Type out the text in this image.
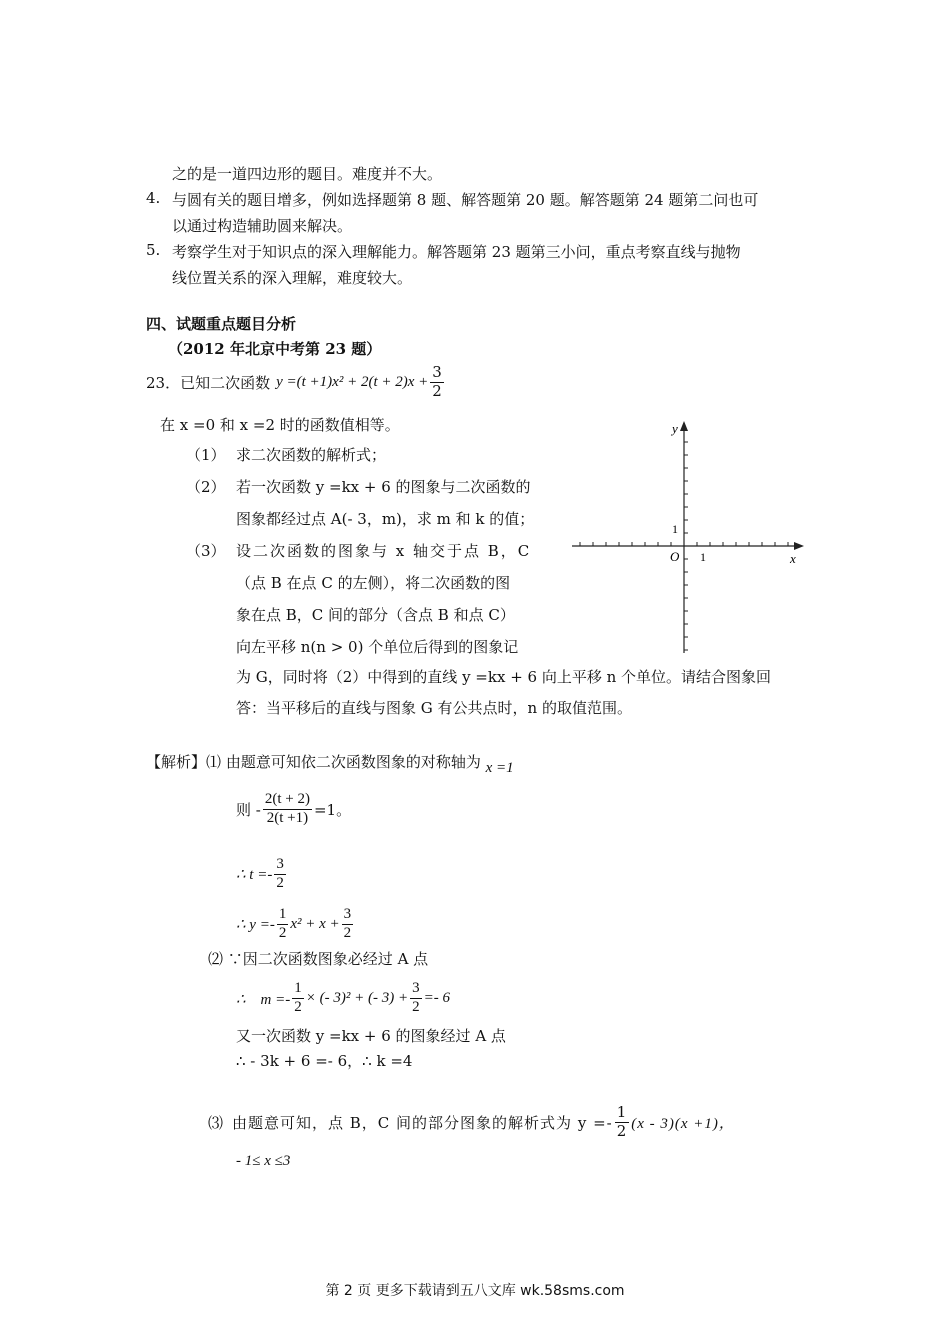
之的是一道四边形的题目。难度并不大。
4. 与圆有关的题目增多，例如选择题第 8 题、解答题第 20 题。解答题第 24 题第二问也可
以通过构造辅助圆来解决。
5. 考察学生对于知识点的深入理解能力。解答题第 23 题第三小问，重点考察直线与抛物
线位置关系的深入理解，难度较大。
四、试题重点题目分析
（2012 年北京中考第 23 题）
23． 已知二次函数 $y =(t +1)x^2 + 2(t + 2)x + \frac{3}{2}$
在 x =0 和 x =2 时的函数值相等。
（1） 求二次函数的解析式；
（2） 若一次函数 y =kx + 6 的图象与二次函数的
图象都经过点 A(- 3，m)，求 m 和 k 的值；
（3） 设二次函数的图象与 x 轴交于点 B，C
（点 B 在点 C 的左侧），将二次函数的图
象在点 B，C 间的部分（含点 B 和点 C）
向左平移 n(n > 0) 个单位后得到的图象记
为 G，同时将（2）中得到的直线 y =kx + 6 向上平移 n 个单位。请结合图象回
答：当平移后的直线与图象 G 有公共点时，n 的取值范围。
y
x
O 1
1
【解析】⑴ 由题意可知依二次函数图象的对称轴为 x =1
则 - $\frac{2(t + 2)}{2(t +1)} =1$。
∴ $t =- \frac{3}{2}$
∴ $y =- \frac{1}{2} x^2 + x + \frac{3}{2}$
⑵ ∵因二次函数图象必经过 A 点
∴　$m =- \frac{1}{2}$ × (- 3)² + (- $3) + \frac{3}{2} =- 6$
又一次函数 y =kx + 6 的图象经过 A 点
∴ - 3k + 6 =- 6，∴ k =4
⑶ 由题意可知，点 B，C 间的部分图象的解析式为 $y =- \frac{1}{2} (x - 3)(x +1)$，
- 1≤ x ≤3
第 2 页 更多下载请到五八文库 wk.58sms.com
